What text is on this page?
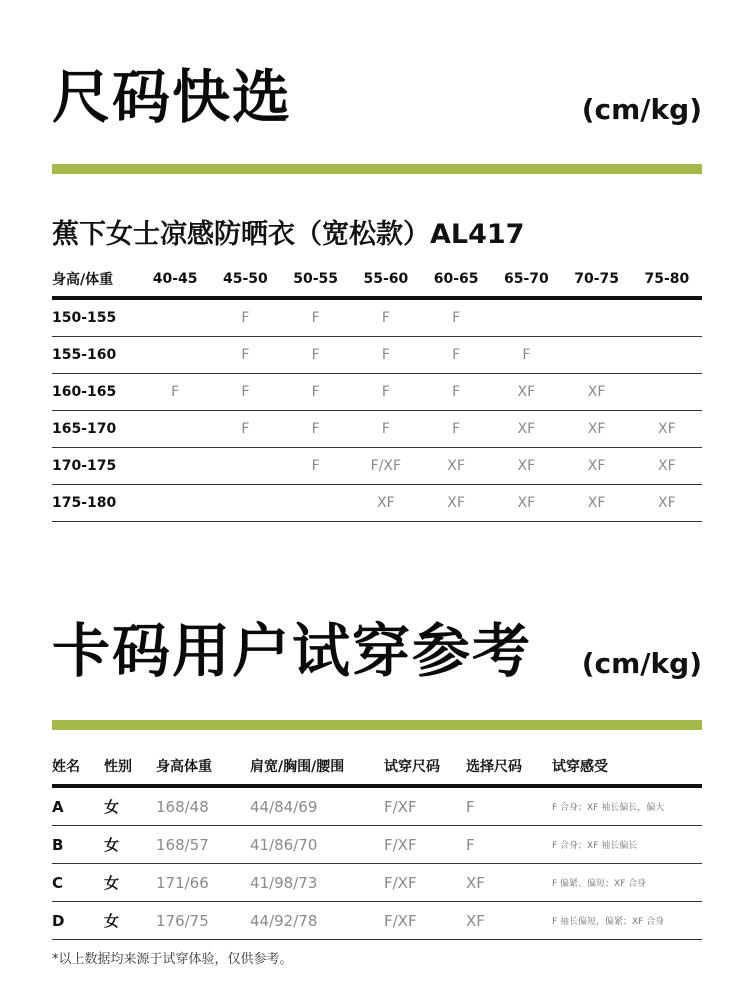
尺码快选	(cm/kg)
蕉下女士凉感防晒衣（宽松款）AL417
身高/体重	40-45	45-50	50-55	55-60	60-65	65-70	70-75	75-80
150-155		F	F	F	F			
155-160		F	F	F	F	F		
160-165	F	F	F	F	F	XF	XF	
165-170		F	F	F	F	XF	XF	XF
170-175			F	F/XF	XF	XF	XF	XF
175-180				XF	XF	XF	XF	XF
卡码用户试穿参考 (cm/kg)
姓名	性别	身高体重	肩宽/胸围/腰围	试穿尺码	选择尺码	试穿感受
A	女	168/48	44/84/69	F/XF	F	F 合身；XF 袖长偏长，偏大
B	女	168/57	41/86/70	F/XF	F	F 合身；XF 袖长偏长
C	女	171/66	41/98/73	F/XF	XF	F 偏紧、偏短；XF 合身
D	女	176/75	44/92/78	F/XF	XF	F 袖长偏短，偏紧；XF 合身
*以上数据均来源于试穿体验，仅供参考。
